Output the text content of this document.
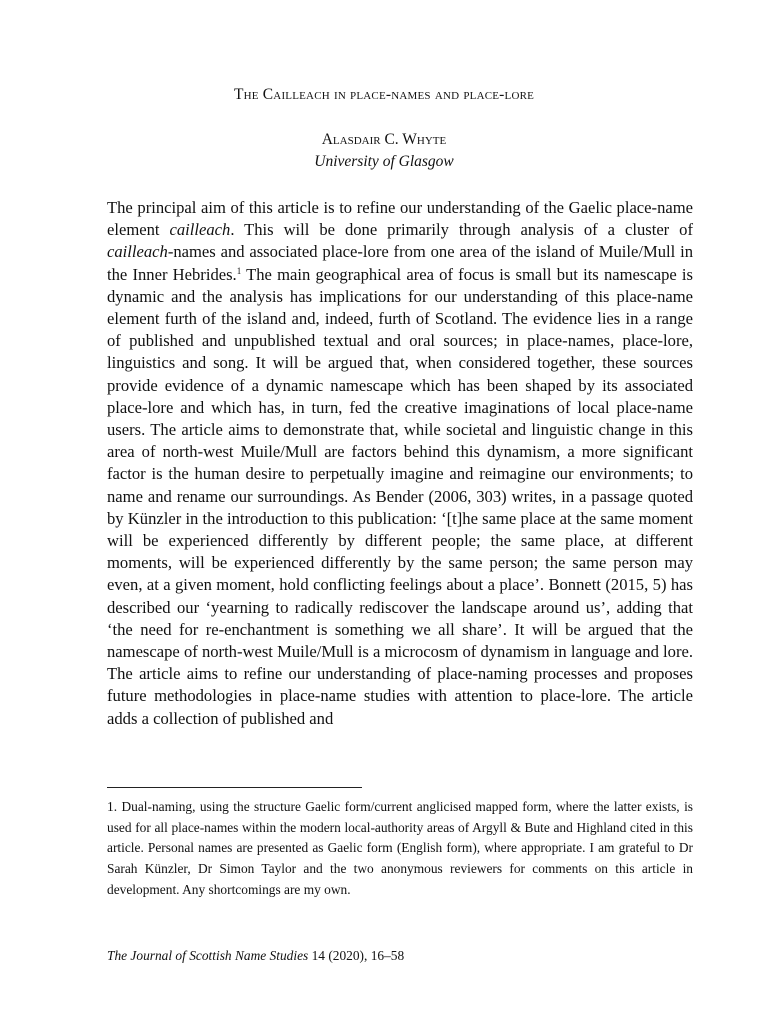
The Cailleach in place-names and place-lore
Alasdair C. Whyte
University of Glasgow

The principal aim of this article is to refine our understanding of the Gaelic place-name element cailleach. This will be done primarily through analysis of a cluster of cailleach-names and associated place-lore from one area of the island of Muile/Mull in the Inner Hebrides.$^1$ The main geographical area of focus is small but its namescape is dynamic and the analysis has implications for our understanding of this place-name element furth of the island and, indeed, furth of Scotland. The evidence lies in a range of published and unpublished textual and oral sources; in place-names, place-lore, linguistics and song. It will be argued that, when considered together, these sources provide evidence of a dynamic namescape which has been shaped by its associated place-lore and which has, in turn, fed the creative imaginations of local place-name users. The article aims to demonstrate that, while societal and linguistic change in this area of north-west Muile/Mull are factors behind this dynamism, a more significant factor is the human desire to perpetually imagine and reimagine our environments; to name and rename our surroundings. As Bender (2006, 303) writes, in a passage quoted by Künzler in the introduction to this publication: ‘[t]he same place at the same moment will be experienced differently by different people; the same place, at different moments, will be experienced differently by the same person; the same person may even, at a given moment, hold conflicting feelings about a place’. Bonnett (2015, 5) has described our ‘yearning to radically rediscover the landscape around us’, adding that ‘the need for re-enchantment is something we all share’. It will be argued that the namescape of north-west Muile/Mull is a microcosm of dynamism in language and lore. The article aims to refine our understanding of place-naming processes and proposes future methodologies in place-name studies with attention to place-lore. The article adds a collection of published and

1. Dual-naming, using the structure Gaelic form/current anglicised mapped form, where the latter exists, is used for all place-names within the modern local-authority areas of Argyll & Bute and Highland cited in this article. Personal names are presented as Gaelic form (English form), where appropriate. I am grateful to Dr Sarah Künzler, Dr Simon Taylor and the two anonymous reviewers for comments on this article in development. Any shortcomings are my own.

The Journal of Scottish Name Studies 14 (2020), 16–58
